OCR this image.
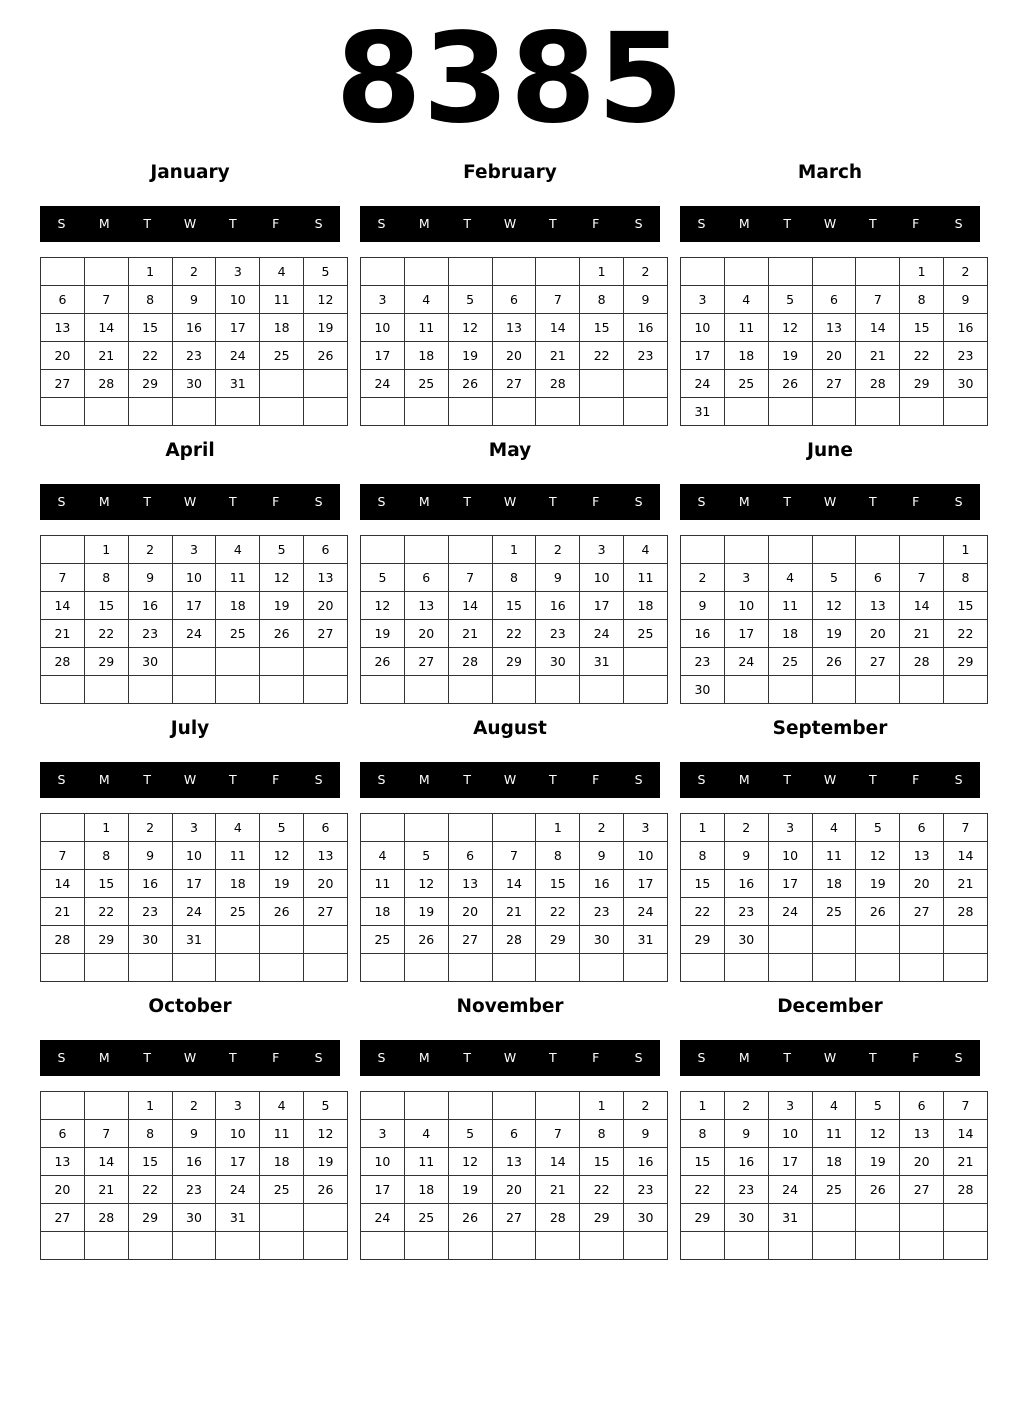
8385
January
S	M	T	W	T	F	S
		1	2	3	4	5
6	7	8	9	10	11	12
13	14	15	16	17	18	19
20	21	22	23	24	25	26
27	28	29	30	31		

February
S	M	T	W	T	F	S
					1	2
3	4	5	6	7	8	9
10	11	12	13	14	15	16
17	18	19	20	21	22	23
24	25	26	27	28		

March
S	M	T	W	T	F	S
					1	2
3	4	5	6	7	8	9
10	11	12	13	14	15	16
17	18	19	20	21	22	23
24	25	26	27	28	29	30
31						
April
S	M	T	W	T	F	S
	1	2	3	4	5	6
7	8	9	10	11	12	13
14	15	16	17	18	19	20
21	22	23	24	25	26	27
28	29	30				

May
S	M	T	W	T	F	S
			1	2	3	4
5	6	7	8	9	10	11
12	13	14	15	16	17	18
19	20	21	22	23	24	25
26	27	28	29	30	31	

June
S	M	T	W	T	F	S
						1
2	3	4	5	6	7	8
9	10	11	12	13	14	15
16	17	18	19	20	21	22
23	24	25	26	27	28	29
30						
July
S	M	T	W	T	F	S
	1	2	3	4	5	6
7	8	9	10	11	12	13
14	15	16	17	18	19	20
21	22	23	24	25	26	27
28	29	30	31			

August
S	M	T	W	T	F	S
				1	2	3
4	5	6	7	8	9	10
11	12	13	14	15	16	17
18	19	20	21	22	23	24
25	26	27	28	29	30	31

September
S	M	T	W	T	F	S
1	2	3	4	5	6	7
8	9	10	11	12	13	14
15	16	17	18	19	20	21
22	23	24	25	26	27	28
29	30					

October
S	M	T	W	T	F	S
		1	2	3	4	5
6	7	8	9	10	11	12
13	14	15	16	17	18	19
20	21	22	23	24	25	26
27	28	29	30	31		

November
S	M	T	W	T	F	S
					1	2
3	4	5	6	7	8	9
10	11	12	13	14	15	16
17	18	19	20	21	22	23
24	25	26	27	28	29	30

December
S	M	T	W	T	F	S
1	2	3	4	5	6	7
8	9	10	11	12	13	14
15	16	17	18	19	20	21
22	23	24	25	26	27	28
29	30	31				
